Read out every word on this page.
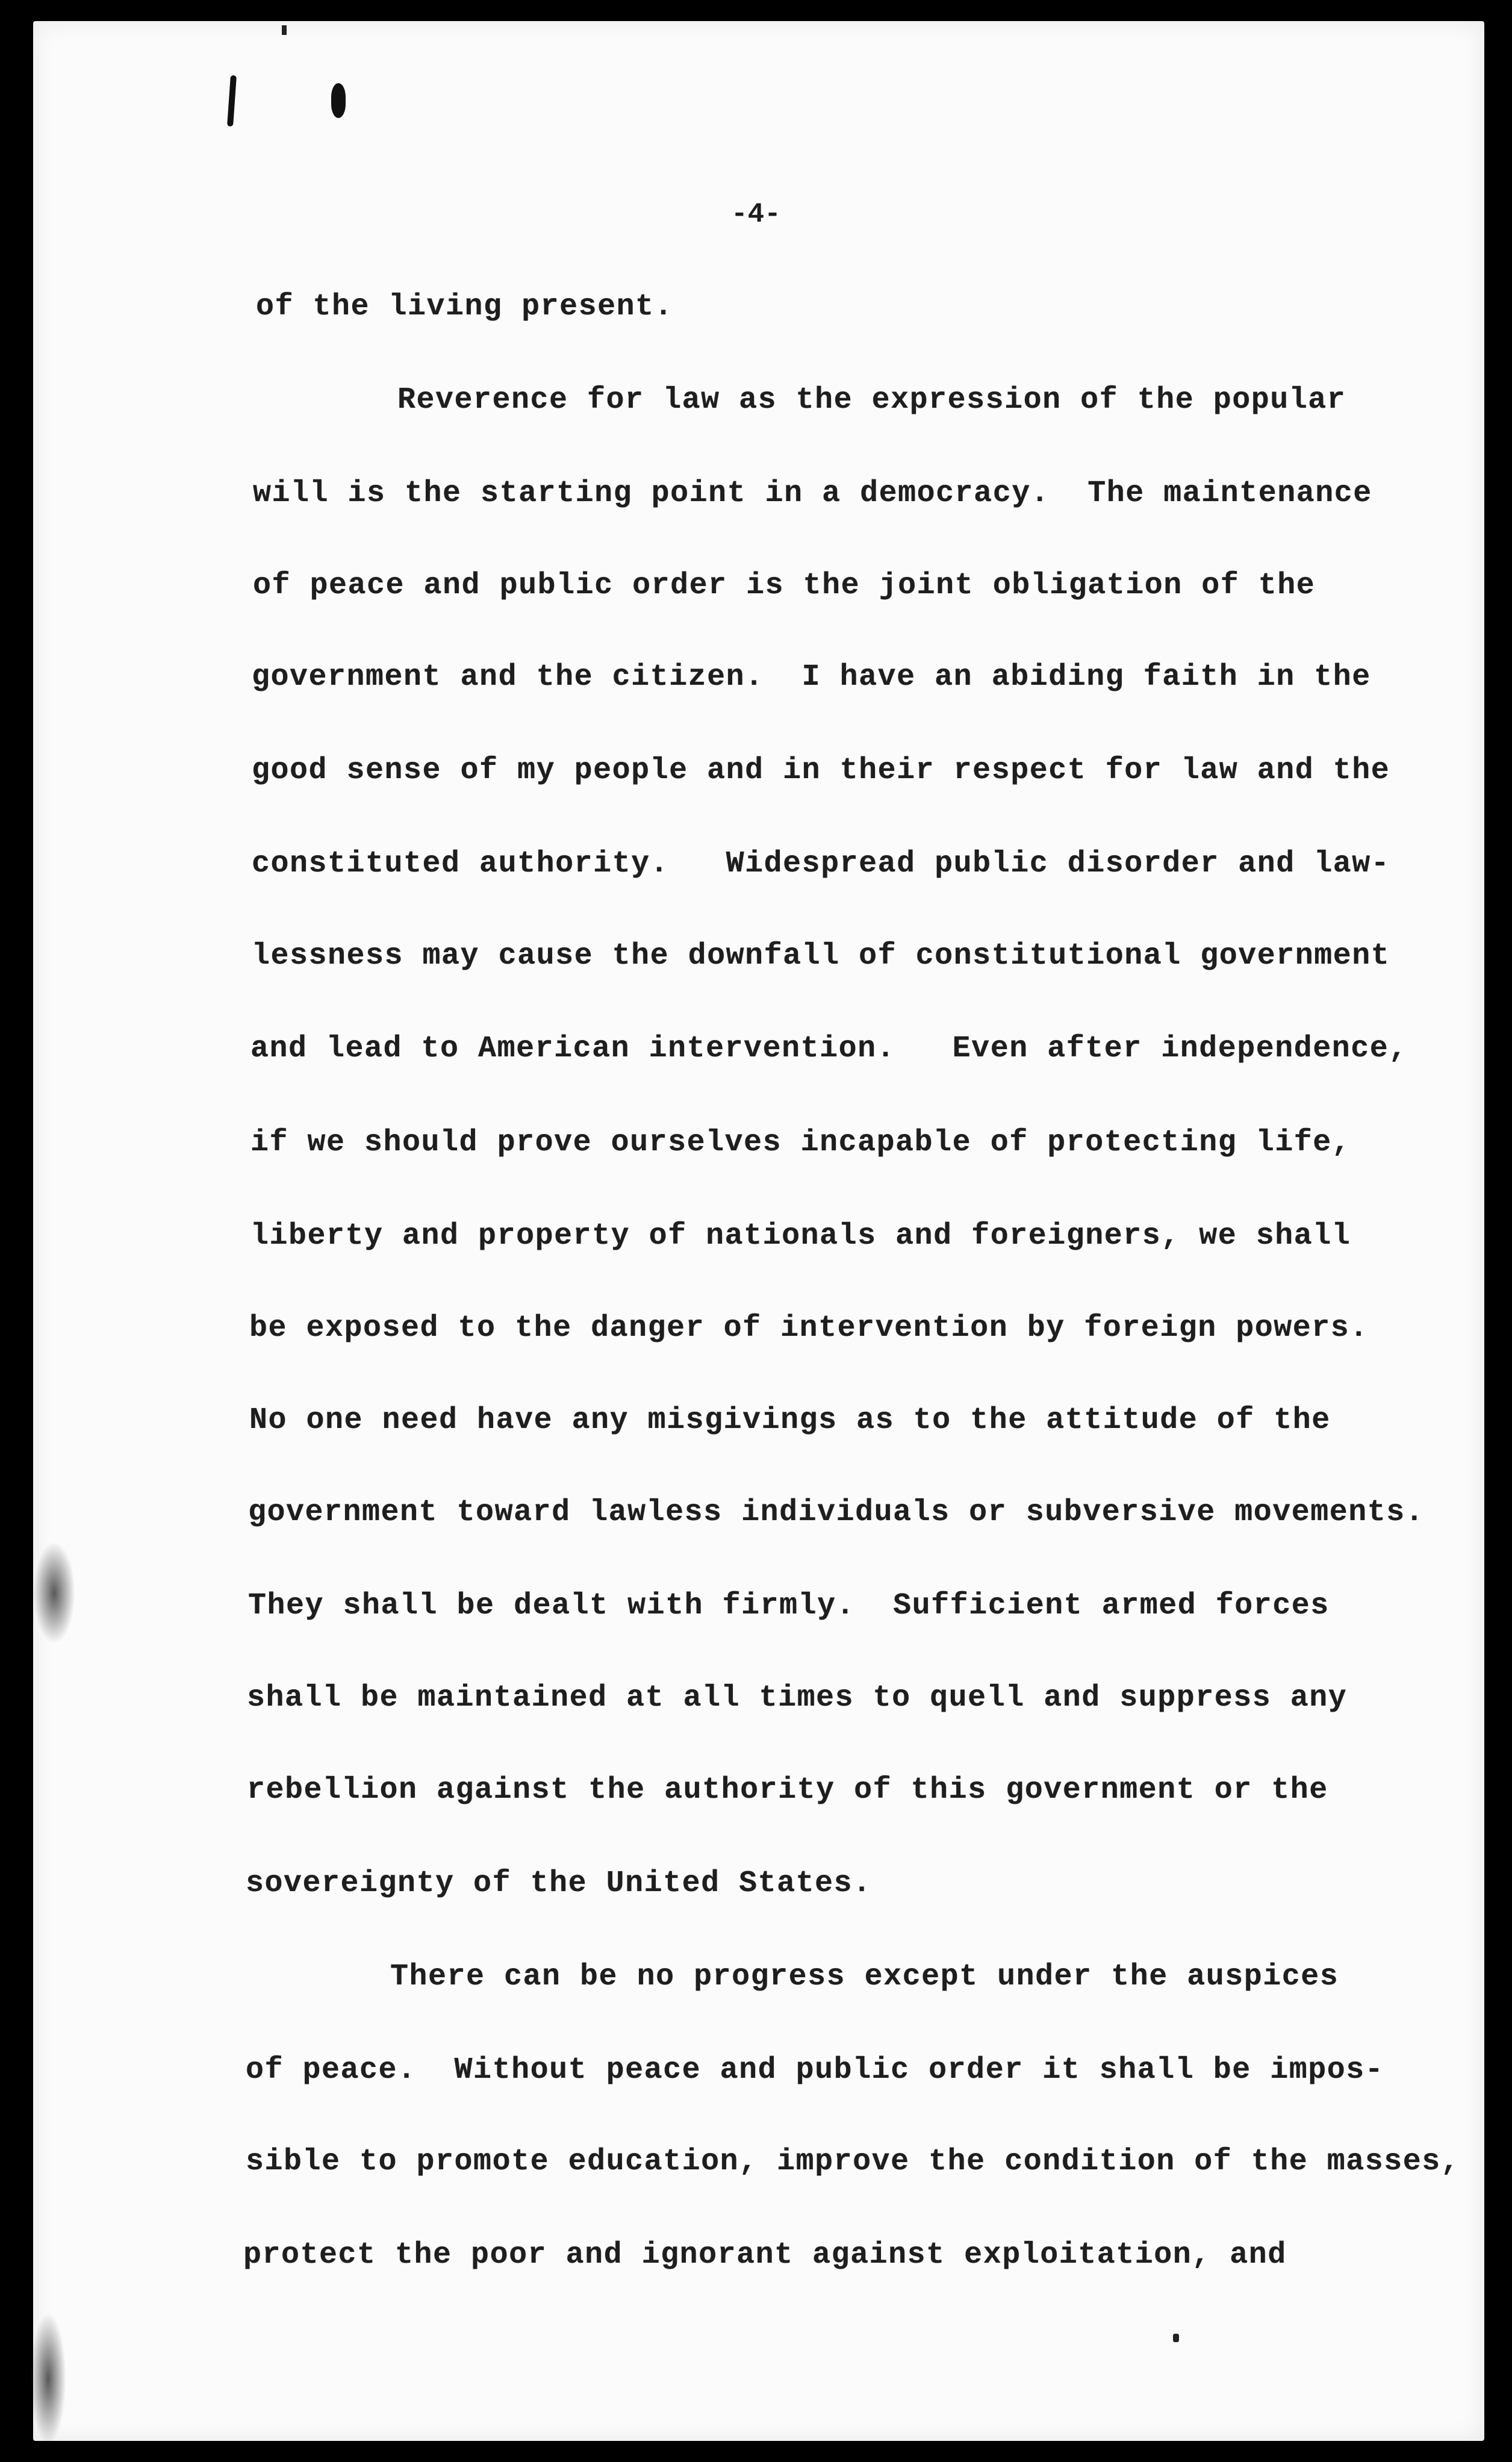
-4-
of the living present.
Reverence for law as the expression of the popular
will is the starting point in a democracy.  The maintenance
of peace and public order is the joint obligation of the
government and the citizen.  I have an abiding faith in the
good sense of my people and in their respect for law and the
constituted authority.   Widespread public disorder and law-
lessness may cause the downfall of constitutional government
and lead to American intervention.   Even after independence,
if we should prove ourselves incapable of protecting life,
liberty and property of nationals and foreigners, we shall
be exposed to the danger of intervention by foreign powers.
No one need have any misgivings as to the attitude of the
government toward lawless individuals or subversive movements.
They shall be dealt with firmly.  Sufficient armed forces
shall be maintained at all times to quell and suppress any
rebellion against the authority of this government or the
sovereignty of the United States.
There can be no progress except under the auspices
of peace.  Without peace and public order it shall be impos-
sible to promote education, improve the condition of the masses,
protect the poor and ignorant against exploitation, and
